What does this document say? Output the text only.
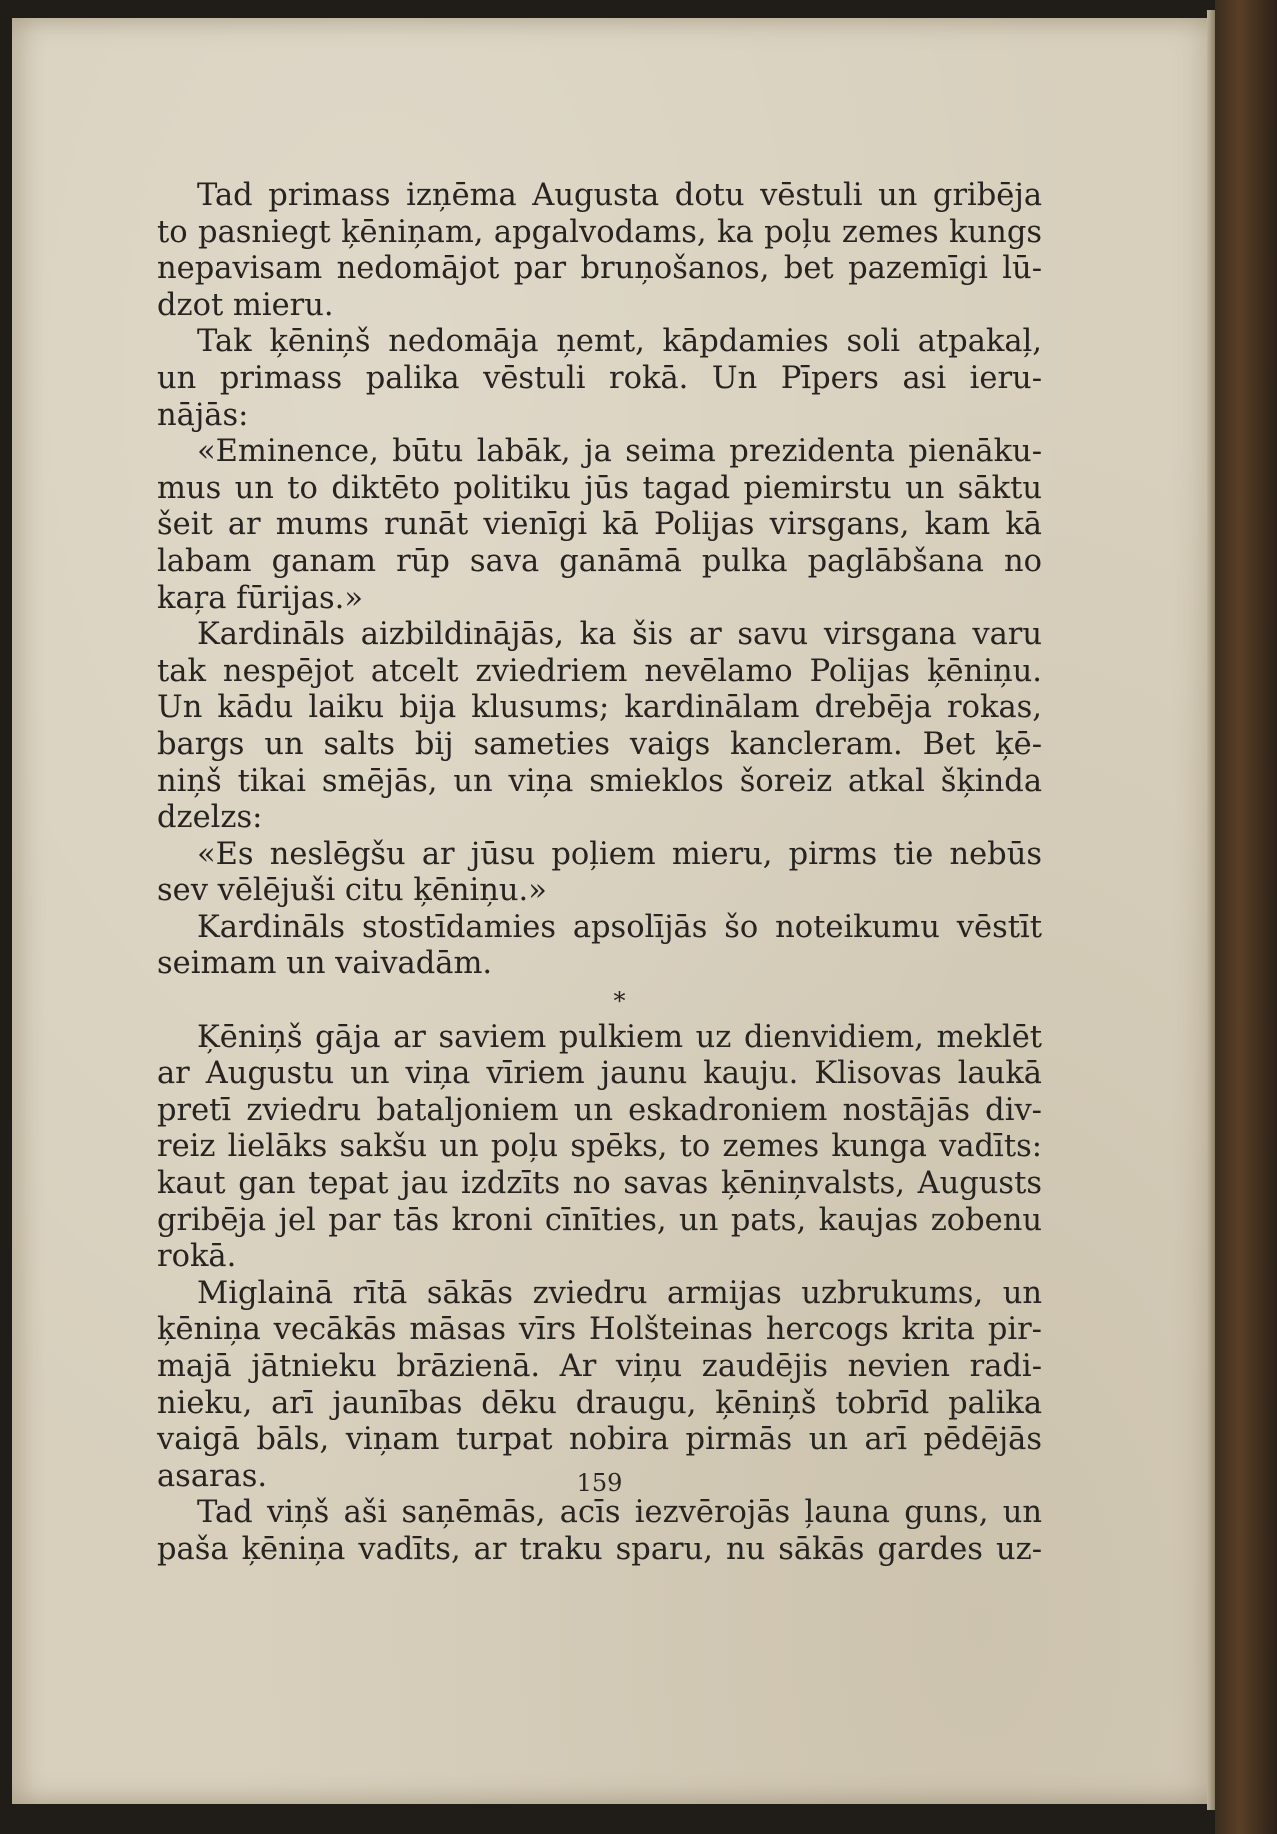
Tad primass izņēma Augusta dotu vēstuli un gribēja
to pasniegt ķēniņam, apgalvodams, ka poļu zemes kungs
nepavisam nedomājot par bruņošanos, bet pazemīgi lū-
dzot mieru.
Tak ķēniņš nedomāja ņemt, kāpdamies soli atpakaļ,
un primass palika vēstuli rokā. Un Pīpers asi ieru-
nājās:
«Eminence, būtu labāk, ja seima prezidenta pienāku-
mus un to diktēto politiku jūs tagad piemirstu un sāktu
šeit ar mums runāt vienīgi kā Polijas virsgans, kam kā
labam ganam rūp sava ganāmā pulka paglābšana no
kaŗa fūrijas.»
Kardināls aizbildinājās, ka šis ar savu virsgana varu
tak nespējot atcelt zviedriem nevēlamo Polijas ķēniņu.
Un kādu laiku bija klusums; kardinālam drebēja rokas,
bargs un salts bij sameties vaigs kancleram. Bet ķē-
niņš tikai smējās, un viņa smieklos šoreiz atkal šķinda
dzelzs:
«Es neslēgšu ar jūsu poļiem mieru, pirms tie nebūs
sev vēlējuši citu ķēniņu.»
Kardināls stostīdamies apsolījās šo noteikumu vēstīt
seimam un vaivadām.
*
Ķēniņš gāja ar saviem pulkiem uz dienvidiem, meklēt
ar Augustu un viņa vīriem jaunu kauju. Klisovas laukā
pretī zviedru bataljoniem un eskadroniem nostājās div-
reiz lielāks sakšu un poļu spēks, to zemes kunga vadīts:
kaut gan tepat jau izdzīts no savas ķēniņvalsts, Augusts
gribēja jel par tās kroni cīnīties, un pats, kaujas zobenu
rokā.
Miglainā rītā sākās zviedru armijas uzbrukums, un
ķēniņa vecākās māsas vīrs Holšteinas hercogs krita pir-
majā jātnieku brāzienā. Ar viņu zaudējis nevien radi-
nieku, arī jaunības dēku draugu, ķēniņš tobrīd palika
vaigā bāls, viņam turpat nobira pirmās un arī pēdējās
asaras.
Tad viņš aši saņēmās, acīs iezvērojās ļauna guns, un
paša ķēniņa vadīts, ar traku sparu, nu sākās gardes uz-
159
